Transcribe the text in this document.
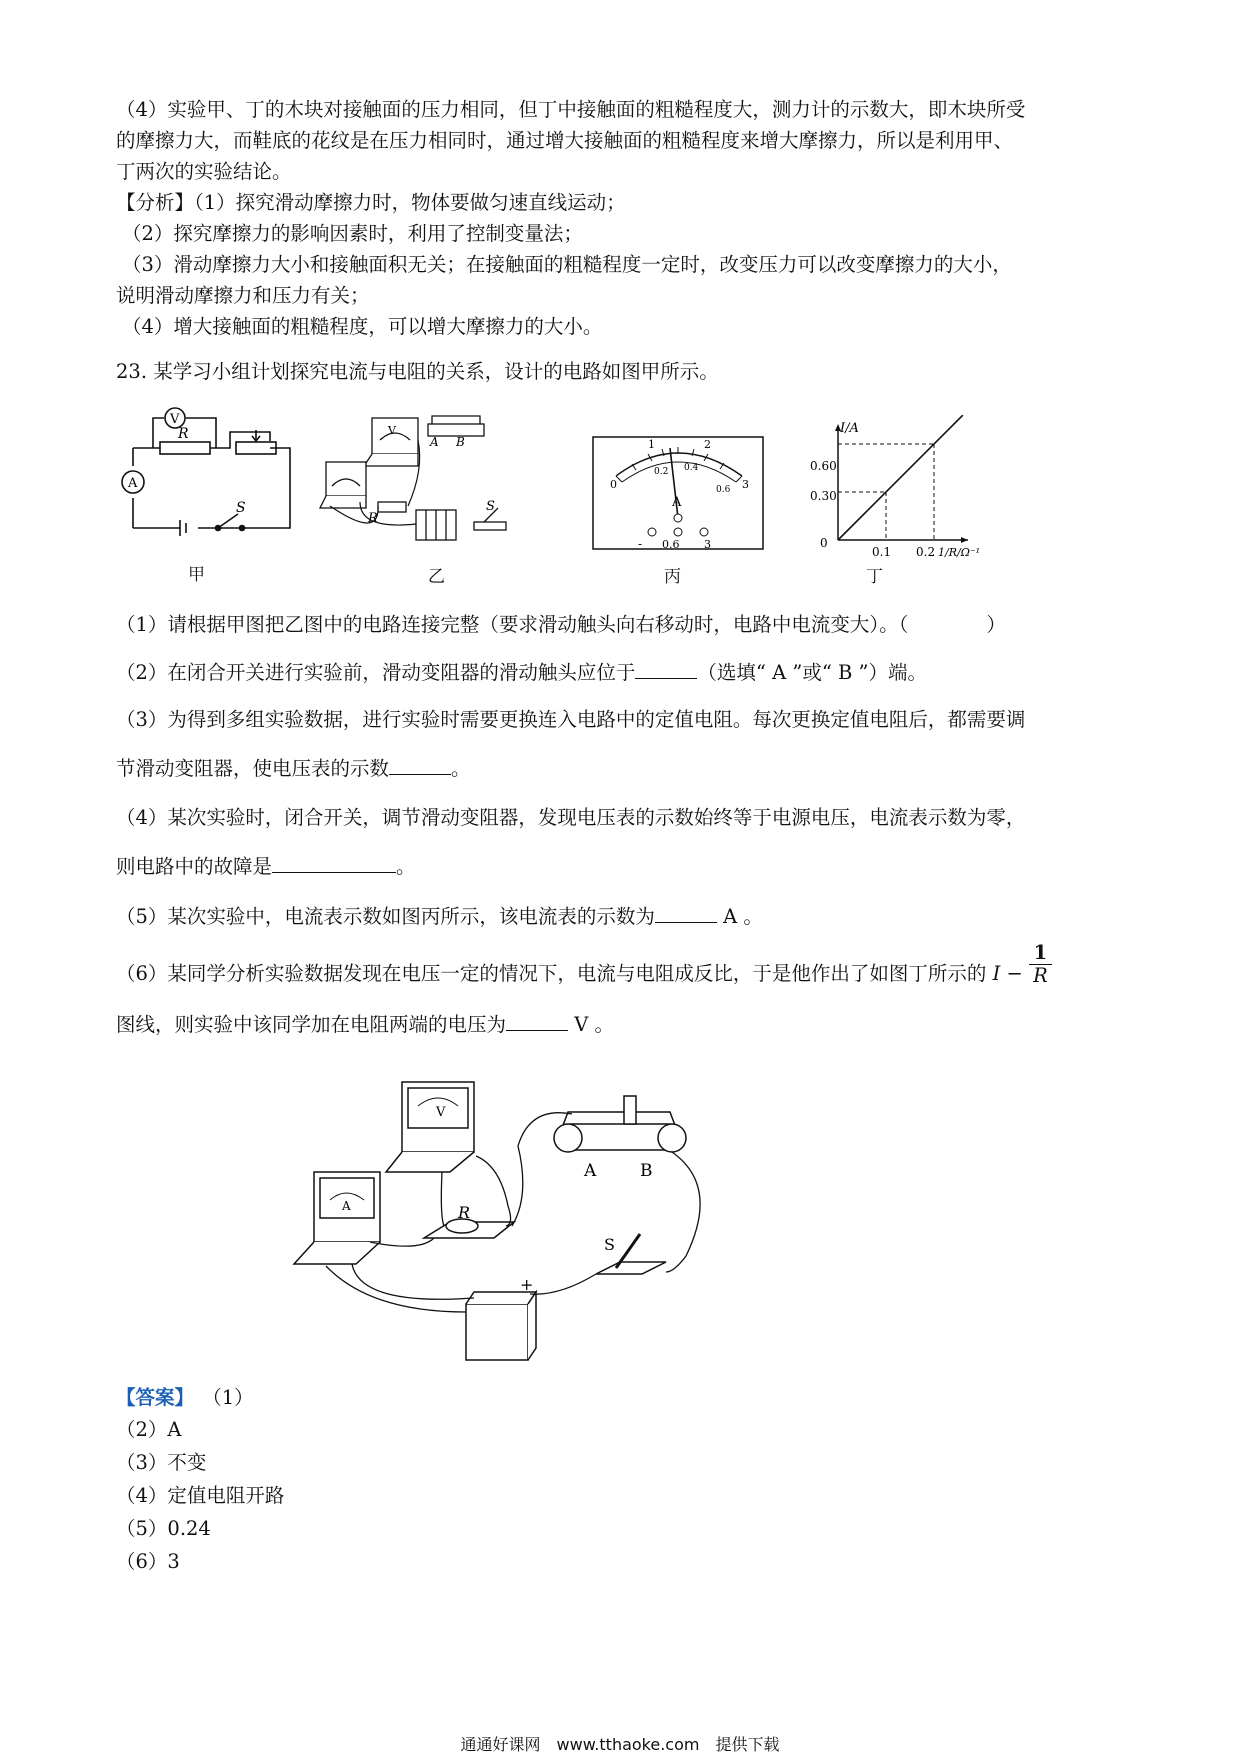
（4）实验甲、丁的木块对接触面的压力相同，但丁中接触面的粗糙程度大，测力计的示数大，即木块所受
的摩擦力大，而鞋底的花纹是在压力相同时，通过增大接触面的粗糙程度来增大摩擦力，所以是利用甲、
丁两次的实验结论。
【分析】（1）探究滑动摩擦力时，物体要做匀速直线运动；
（2）探究摩擦力的影响因素时，利用了控制变量法；
（3）滑动摩擦力大小和接触面积无关；在接触面的粗糙程度一定时，改变压力可以改变摩擦力的大小，
说明滑动摩擦力和压力有关；
（4）增大接触面的粗糙程度，可以增大摩擦力的大小。
23. 某学习小组计划探究电流与电阻的关系，设计的电路如图甲所示。
V
R
A
S
甲
V
A B
R
S
乙
0
1	2
3
0.2 0.4
0.6
A
- 0.6 3
丙
I/A
0.30
0.60
0
0.1 0.2 1/R/Ω⁻¹
丁
（1）请根据甲图把乙图中的电路连接完整（要求滑动触头向右移动时，电路中电流变大）。（　　　　）
（2）在闭合开关进行实验前，滑动变阻器的滑动触头应位于	（选填“ A ”或“ B ”）端。
（3）为得到多组实验数据，进行实验时需要更换连入电路中的定值电阻。每次更换定值电阻后，都需要调
节滑动变阻器，使电压表的示数	。
（4）某次实验时，闭合开关，调节滑动变阻器，发现电压表的示数始终等于电源电压，电流表示数为零，
则电路中的故障是	。
（5）某次实验中，电流表示数如图丙所示，该电流表的示数为	A 。
（6）某同学分析实验数据发现在电压一定的情况下，电流与电阻成反比，于是他作出了如图丁所示的 $I - \frac{1}{R}$
图线，则实验中该同学加在电阻两端的电压为	V 。
V
A	R
A	B
S
+
【答案】 （1）
（2）A
（3）不变
（4）定值电阻开路
（5）0.24
（6）3
通通好课网　www.tthaoke.com　提供下载
